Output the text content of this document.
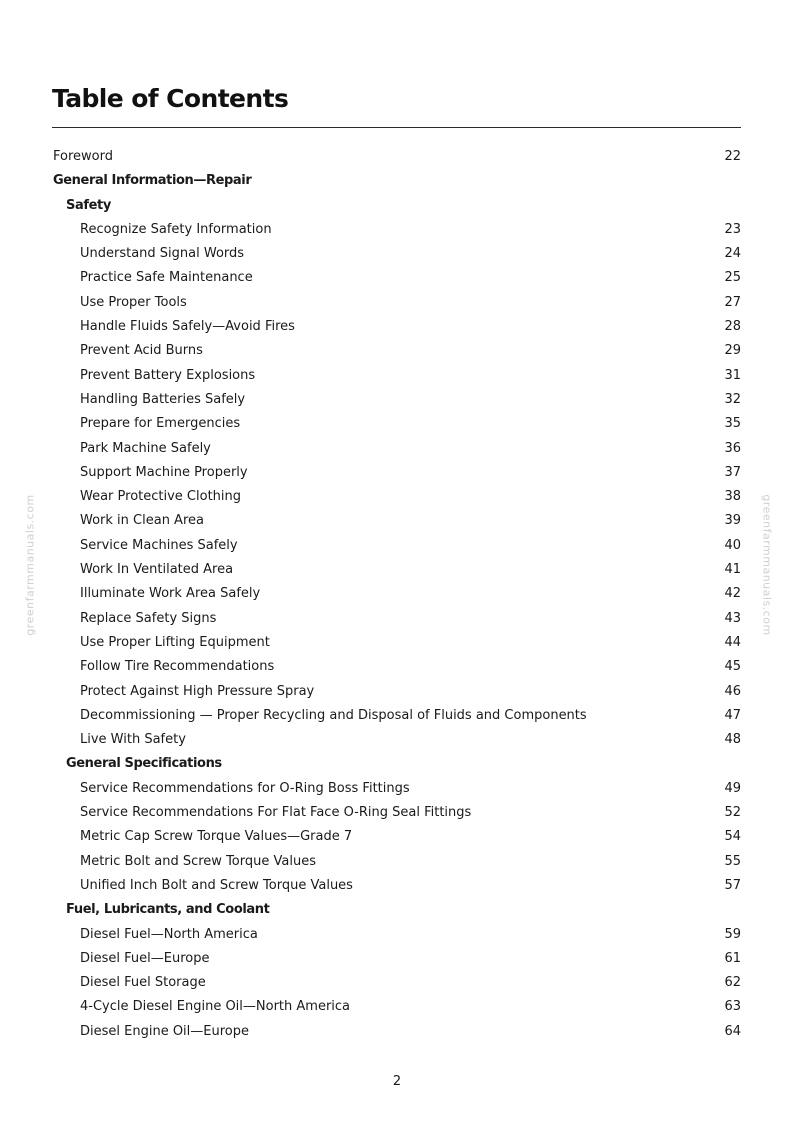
Table of Contents
Foreword	22
General Information—Repair
Safety
Recognize Safety Information	23
Understand Signal Words	24
Practice Safe Maintenance	25
Use Proper Tools	27
Handle Fluids Safely—Avoid Fires	28
Prevent Acid Burns	29
Prevent Battery Explosions	31
Handling Batteries Safely	32
Prepare for Emergencies	35
Park Machine Safely	36
Support Machine Properly	37
Wear Protective Clothing	38
Work in Clean Area	39
Service Machines Safely	40
Work In Ventilated Area	41
Illuminate Work Area Safely	42
Replace Safety Signs	43
Use Proper Lifting Equipment	44
Follow Tire Recommendations	45
Protect Against High Pressure Spray	46
Decommissioning — Proper Recycling and Disposal of Fluids and Components	47
Live With Safety	48
General Specifications
Service Recommendations for O-Ring Boss Fittings	49
Service Recommendations For Flat Face O-Ring Seal Fittings	52
Metric Cap Screw Torque Values—Grade 7	54
Metric Bolt and Screw Torque Values	55
Unified Inch Bolt and Screw Torque Values	57
Fuel, Lubricants, and Coolant
Diesel Fuel—North America	59
Diesel Fuel—Europe	61
Diesel Fuel Storage	62
4-Cycle Diesel Engine Oil—North America	63
Diesel Engine Oil—Europe	64
2
greenfarmmanuals.com	greenfarmmanuals.com
